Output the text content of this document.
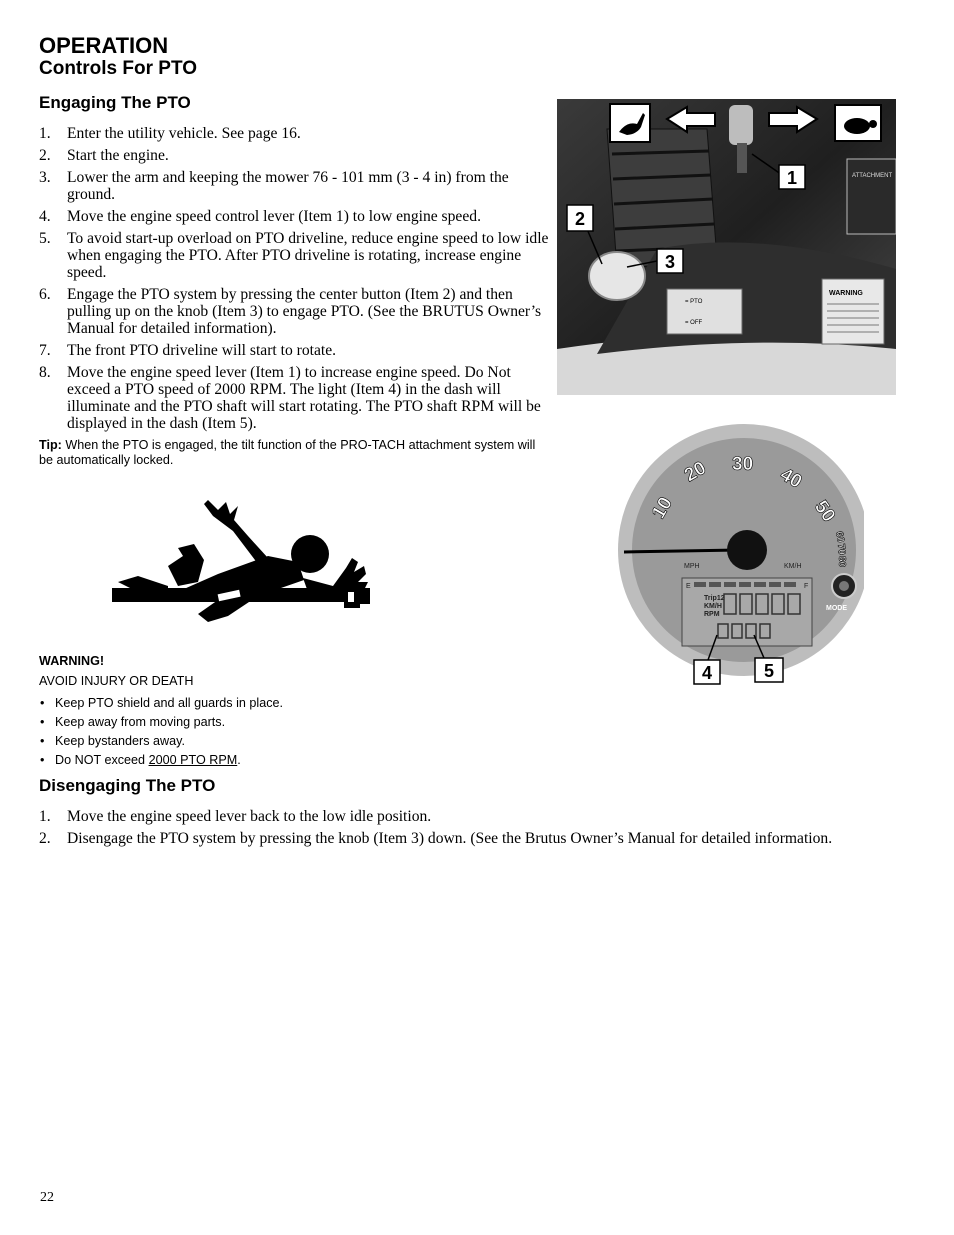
OPERATION
Controls For PTO
Engaging The PTO
1. Enter the utility vehicle. See page 16.
2. Start the engine.
3. Lower the arm and keeping the mower 76 - 101 mm (3 - 4 in) from the ground.
4. Move the engine speed control lever (Item 1) to low engine speed.
5. To avoid start-up overload on PTO driveline, reduce engine speed to low idle when engaging the PTO. After PTO driveline is rotating, increase engine speed.
6. Engage the PTO system by pressing the center button (Item 2) and then pulling up on the knob (Item 3) to engage PTO. (See the BRUTUS Owner’s Manual for detailed information).
7. The front PTO driveline will start to rotate.
8. Move the engine speed lever (Item 1) to increase engine speed. Do Not exceed a PTO speed of 2000 RPM. The light (Item 4) in the dash will illuminate and the PTO shaft will start rotating. The PTO shaft RPM will be displayed in the dash (Item 5).
Tip: When the PTO is engaged, the tilt function of the PRO-TACH attachment system will be automatically locked.
WARNING!
AVOID INJURY OR DEATH
• Keep PTO shield and all guards in place.
• Keep away from moving parts.
• Keep bystanders away.
• Do NOT exceed 2000 PTO RPM.
Disengaging The PTO
1. Move the engine speed lever back to the low idle position.
2. Disengage the PTO system by pressing the knob (Item 3) down. (See the Brutus Owner’s Manual for detailed information.
ATTACHMENT
= PTO
= OFF
WARNING
1
2
3
10
20 30 40
50
60
70
80
MPH	KM/H
E	F
Trip12
KM/H
RPM
MODE
4	5
22
